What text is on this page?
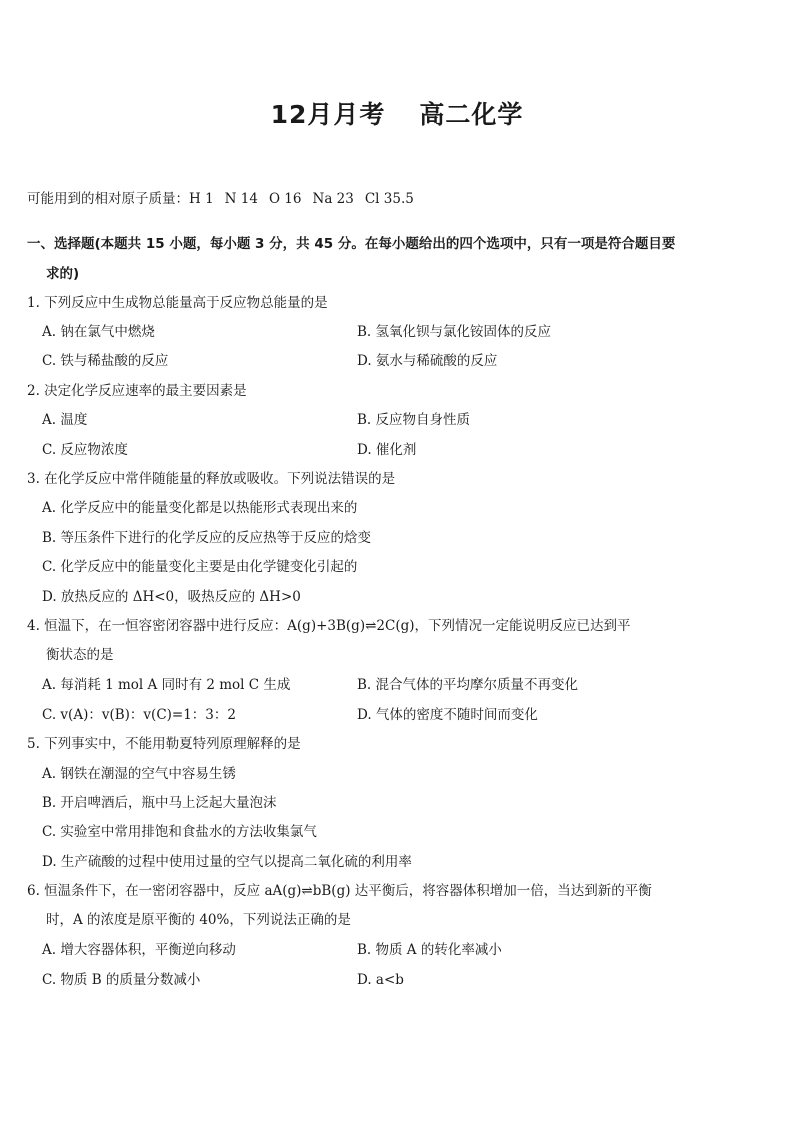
12月月考 高二化学
可能用到的相对原子质量：H 1 N 14 O 16 Na 23 Cl 35.5
一、选择题(本题共 15 小题，每小题 3 分，共 45 分。在每小题给出的四个选项中，只有一项是符合题目要
求的)
1. 下列反应中生成物总能量高于反应物总能量的是
A. 钠在氯气中燃烧	B. 氢氧化钡与氯化铵固体的反应
C. 铁与稀盐酸的反应	D. 氨水与稀硫酸的反应
2. 决定化学反应速率的最主要因素是
A. 温度	B. 反应物自身性质
C. 反应物浓度	D. 催化剂
3. 在化学反应中常伴随能量的释放或吸收。下列说法错误的是
A. 化学反应中的能量变化都是以热能形式表现出来的
B. 等压条件下进行的化学反应的反应热等于反应的焓变
C. 化学反应中的能量变化主要是由化学键变化引起的
D. 放热反应的 ΔH<0，吸热反应的 ΔH>0
4. 恒温下，在一恒容密闭容器中进行反应：A(g)+3B(g)⇌2C(g)，下列情况一定能说明反应已达到平
衡状态的是
A. 每消耗 1 mol A 同时有 2 mol C 生成	B. 混合气体的平均摩尔质量不再变化
C. v(A)：v(B)：v(C)=1：3：2	D. 气体的密度不随时间而变化
5. 下列事实中，不能用勒夏特列原理解释的是
A. 钢铁在潮湿的空气中容易生锈
B. 开启啤酒后，瓶中马上泛起大量泡沫
C. 实验室中常用排饱和食盐水的方法收集氯气
D. 生产硫酸的过程中使用过量的空气以提高二氧化硫的利用率
6. 恒温条件下，在一密闭容器中，反应 aA(g)⇌bB(g) 达平衡后，将容器体积增加一倍，当达到新的平衡
时，A 的浓度是原平衡的 40%，下列说法正确的是
A. 增大容器体积，平衡逆向移动	B. 物质 A 的转化率减小
C. 物质 B 的质量分数减小	D. a<b
